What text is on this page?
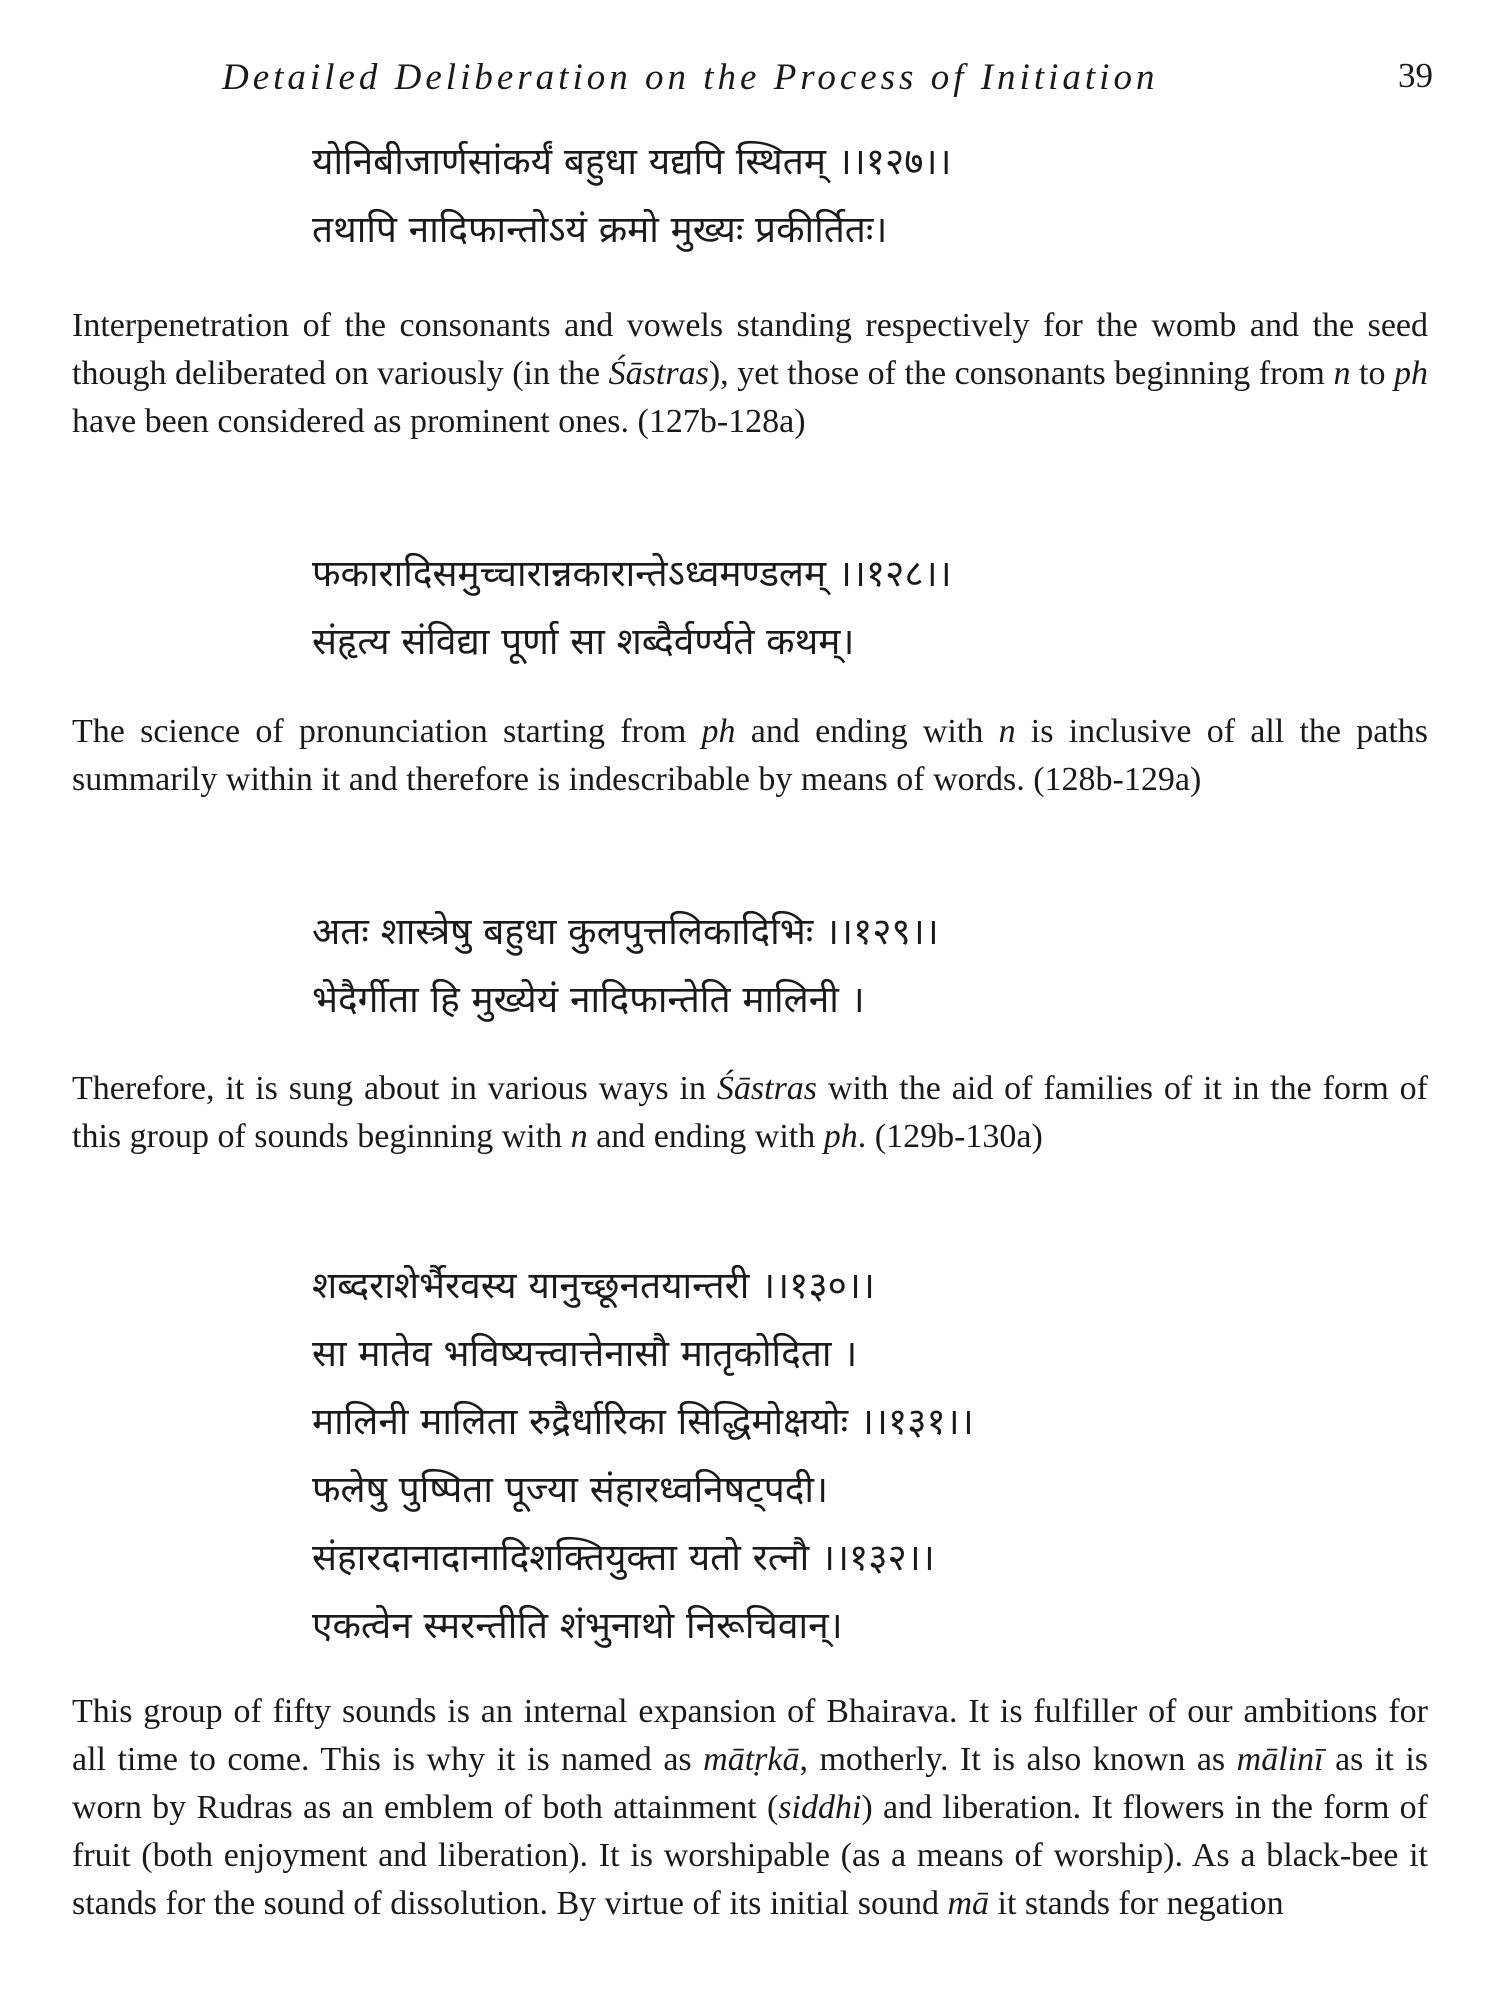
Detailed Deliberation on the Process of Initiation	39
योनिबीजार्णसांकर्यं बहुधा यद्यपि स्थितम् ।।१२७।।
तथापि नादिफान्तोऽयं क्रमो मुख्यः प्रकीर्तितः।
Interpenetration of the consonants and vowels standing respectively for the womb and the seed though deliberated on variously (in the Śāstras), yet those of the consonants beginning from n to ph have been considered as prominent ones. (127b-128a)
फकारादिसमुच्चारान्नकारान्तेऽध्वमण्डलम् ।।१२८।।
संहृत्य संविद्या पूर्णा सा शब्दैर्वर्ण्यते कथम्।
The science of pronunciation starting from ph and ending with n is inclusive of all the paths summarily within it and therefore is indescribable by means of words. (128b-129a)
अतः शास्त्रेषु बहुधा कुलपुत्तलिकादिभिः ।।१२९।।
भेदैर्गीता हि मुख्येयं नादिफान्तेति मालिनी ।
Therefore, it is sung about in various ways in Śāstras with the aid of families of it in the form of this group of sounds beginning with n and ending with ph. (129b-130a)
शब्दराशेर्भैरवस्य यानुच्छूनतयान्तरी ।।१३०।।
सा मातेव भविष्यत्त्वात्तेनासौ मातृकोदिता ।
मालिनी मालिता रुद्रैर्धारिका सिद्धिमोक्षयोः ।।१३१।।
फलेषु पुष्पिता पूज्या संहारध्वनिषट्पदी।
संहारदानादानादिशक्तियुक्ता यतो रत्नौ ।।१३२।।
एकत्वेन स्मरन्तीति शंभुनाथो निरूचिवान्।
This group of fifty sounds is an internal expansion of Bhairava. It is fulfiller of our ambitions for all time to come. This is why it is named as mātṛkā, motherly. It is also known as mālinī as it is worn by Rudras as an emblem of both attainment (siddhi) and liberation. It flowers in the form of fruit (both enjoyment and liberation). It is worshipable (as a means of worship). As a black-bee it stands for the sound of dissolution. By virtue of its initial sound mā it stands for negation
